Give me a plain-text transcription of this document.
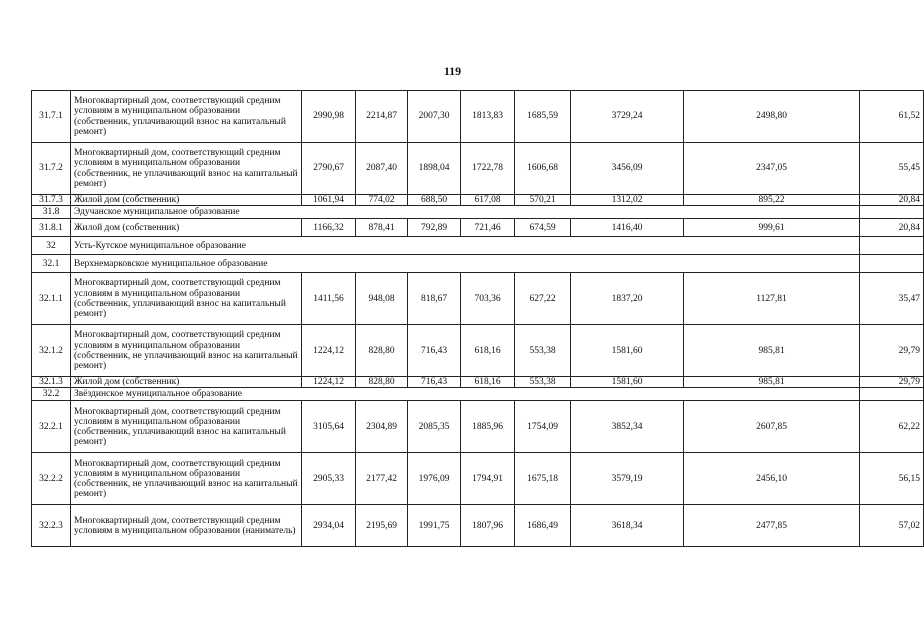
119
31.7.1	Многоквартирный дом, соответствующий средним условиям в муниципальном образовании (собственник, уплачивающий взнос на капитальный ремонт)	2990,98	2214,87	2007,30	1813,83	1685,59	3729,24	2498,80	61,52
31.7.2	Многоквартирный дом, соответствующий средним условиям в муниципальном образовании (собственник, не уплачивающий взнос на капитальный ремонт)	2790,67	2087,40	1898,04	1722,78	1606,68	3456,09	2347,05	55,45
31.7.3	Жилой дом (собственник)	1061,94	774,02	688,50	617,08	570,21	1312,02	895,22	20,84
31.8	Эдучанское муниципальное образование								
31.8.1	Жилой дом (собственник)	1166,32	878,41	792,89	721,46	674,59	1416,40	999,61	20,84
32	Усть-Кутское муниципальное образование								
32.1	Верхнемарковское муниципальное образование								
32.1.1	Многоквартирный дом, соответствующий средним условиям в муниципальном образовании (собственник, уплачивающий взнос на капитальный ремонт)	1411,56	948,08	818,67	703,36	627,22	1837,20	1127,81	35,47
32.1.2	Многоквартирный дом, соответствующий средним условиям в муниципальном образовании (собственник, не уплачивающий взнос на капитальный ремонт)	1224,12	828,80	716,43	618,16	553,38	1581,60	985,81	29,79
32.1.3	Жилой дом (собственник)	1224,12	828,80	716,43	618,16	553,38	1581,60	985,81	29,79
32.2	Звёздинское муниципальное образование								
32.2.1	Многоквартирный дом, соответствующий средним условиям в муниципальном образовании (собственник, уплачивающий взнос на капитальный ремонт)	3105,64	2304,89	2085,35	1885,96	1754,09	3852,34	2607,85	62,22
32.2.2	Многоквартирный дом, соответствующий средним условиям в муниципальном образовании (собственник, не уплачивающий взнос на капитальный ремонт)	2905,33	2177,42	1976,09	1794,91	1675,18	3579,19	2456,10	56,15
32.2.3	Многоквартирный дом, соответствующий средним условиям в муниципальном образовании (наниматель)	2934,04	2195,69	1991,75	1807,96	1686,49	3618,34	2477,85	57,02
